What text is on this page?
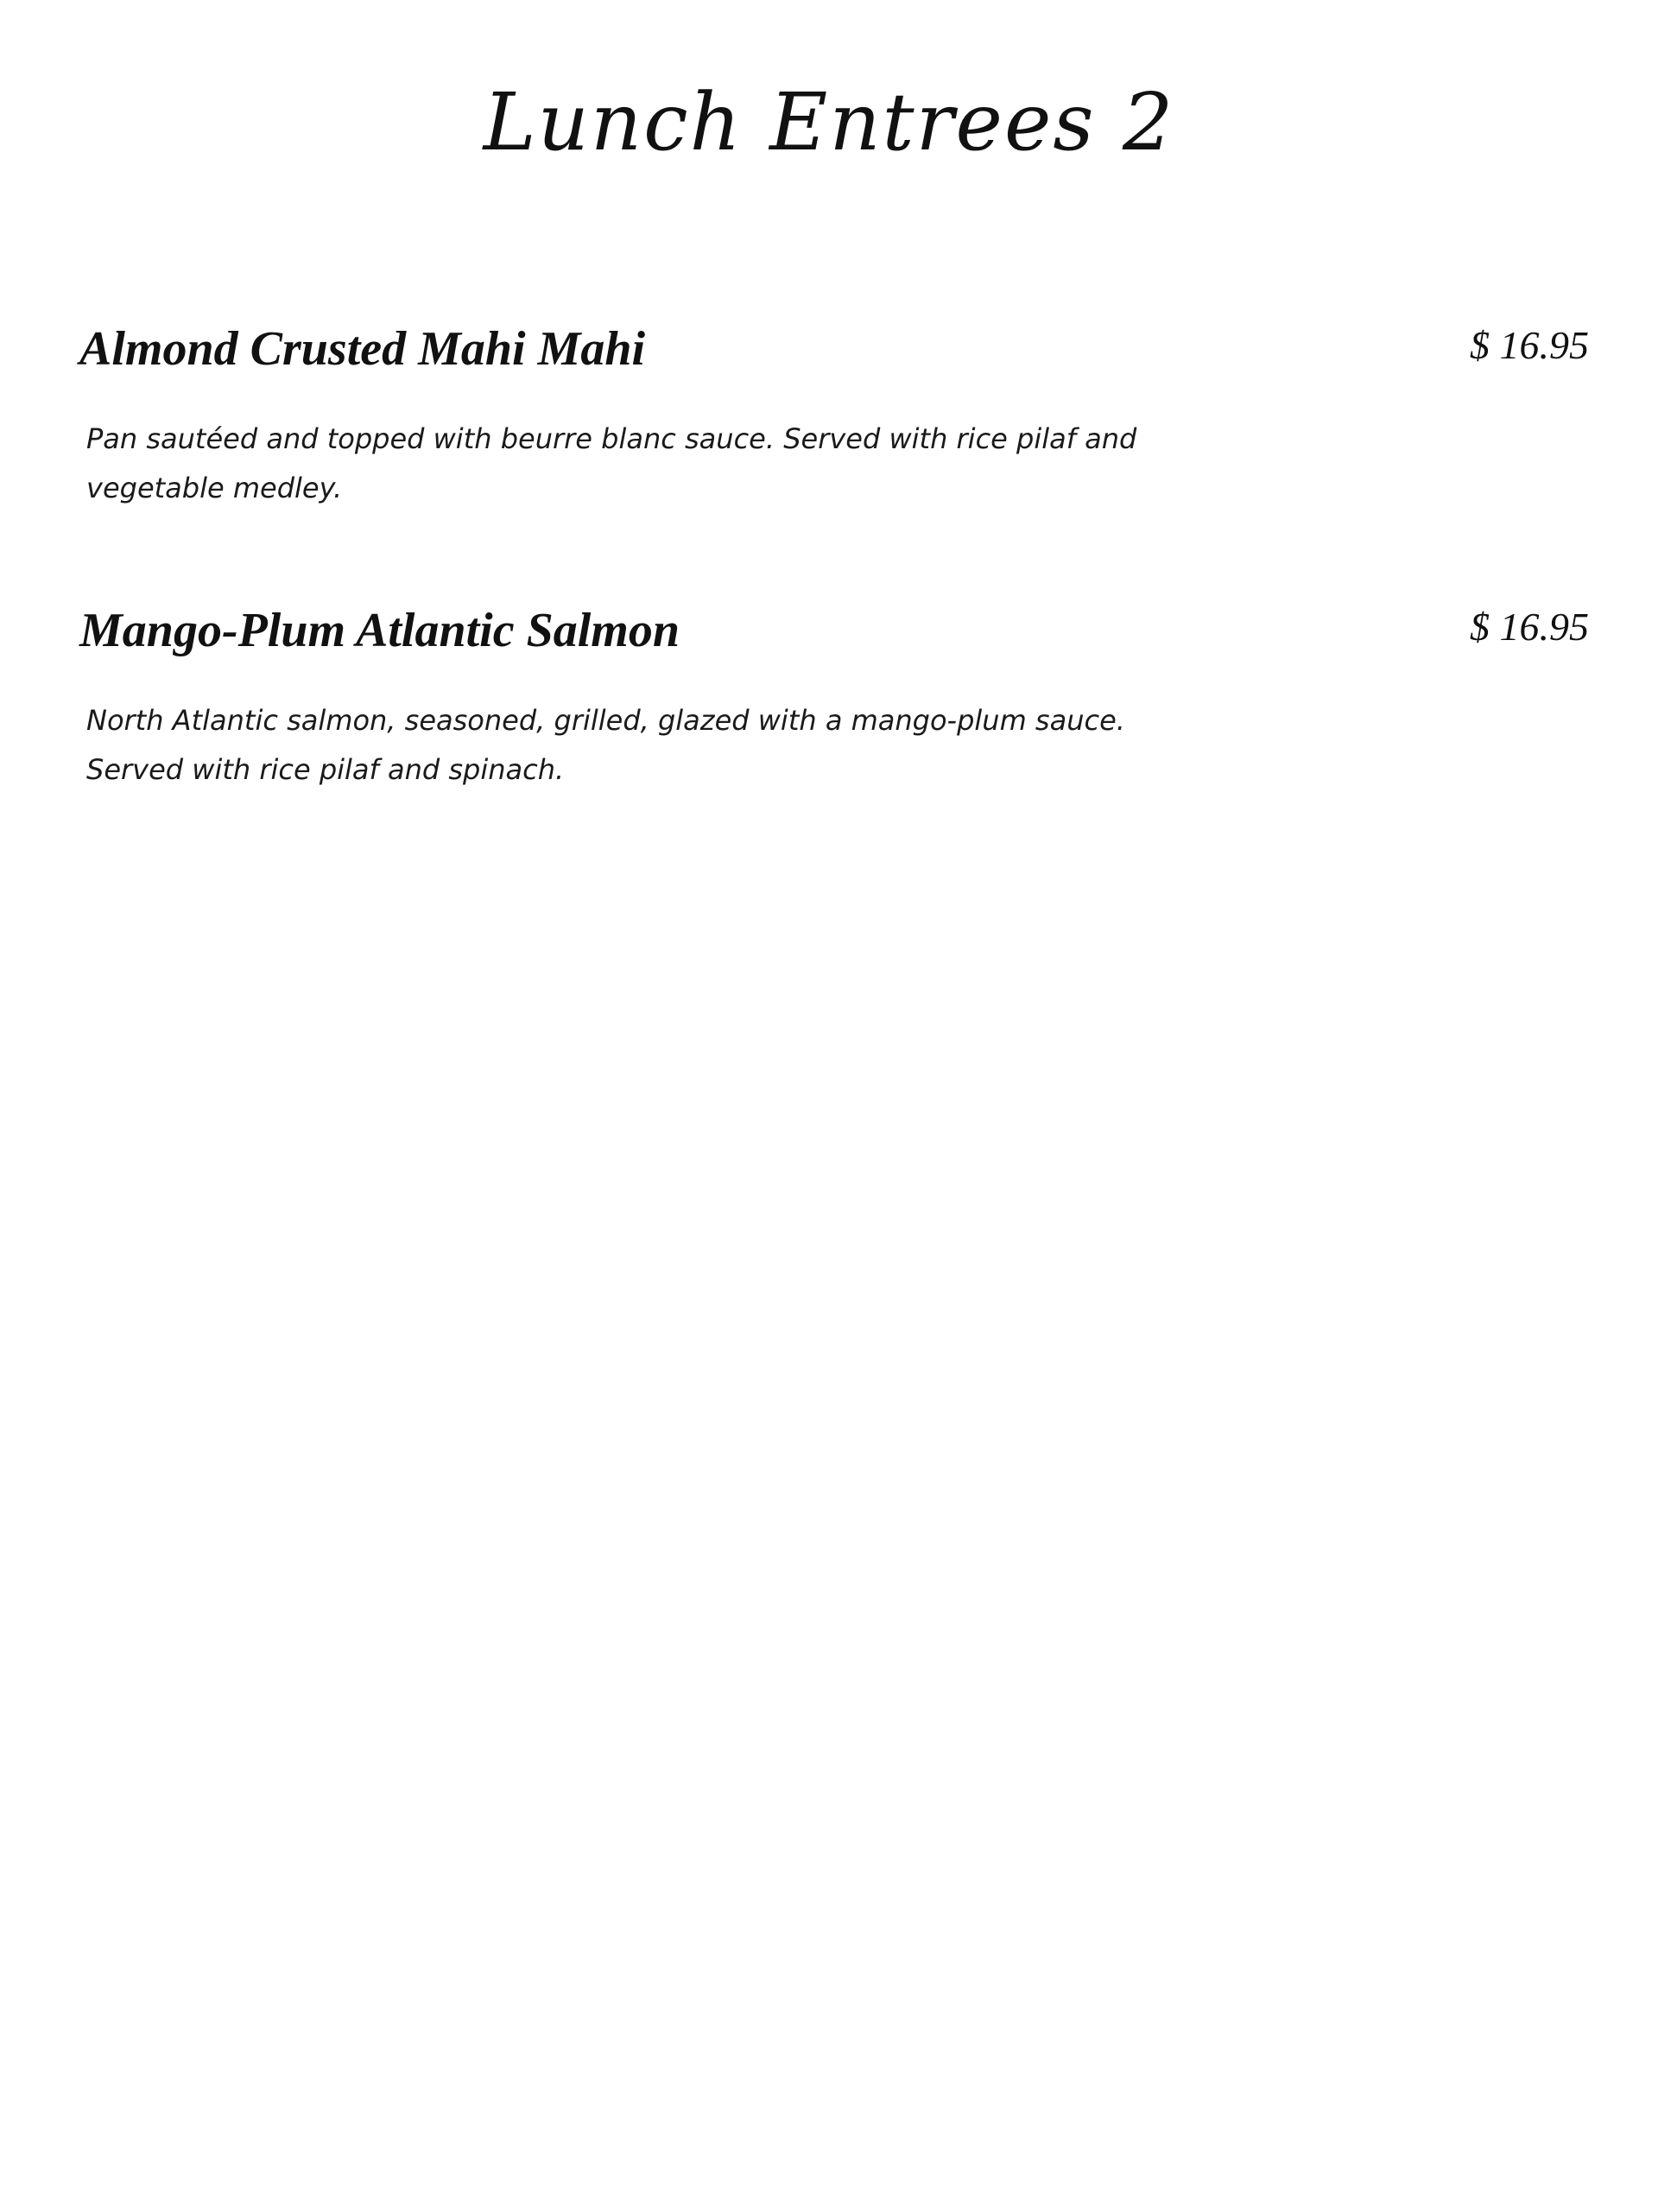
Lunch Entrees 2
Almond Crusted Mahi Mahi	$ 16.95
Pan sautéed and topped with beurre blanc sauce. Served with rice pilaf and vegetable medley.
Mango-Plum Atlantic Salmon	$ 16.95
North Atlantic salmon, seasoned, grilled, glazed with a mango-plum sauce. Served with rice pilaf and spinach.
